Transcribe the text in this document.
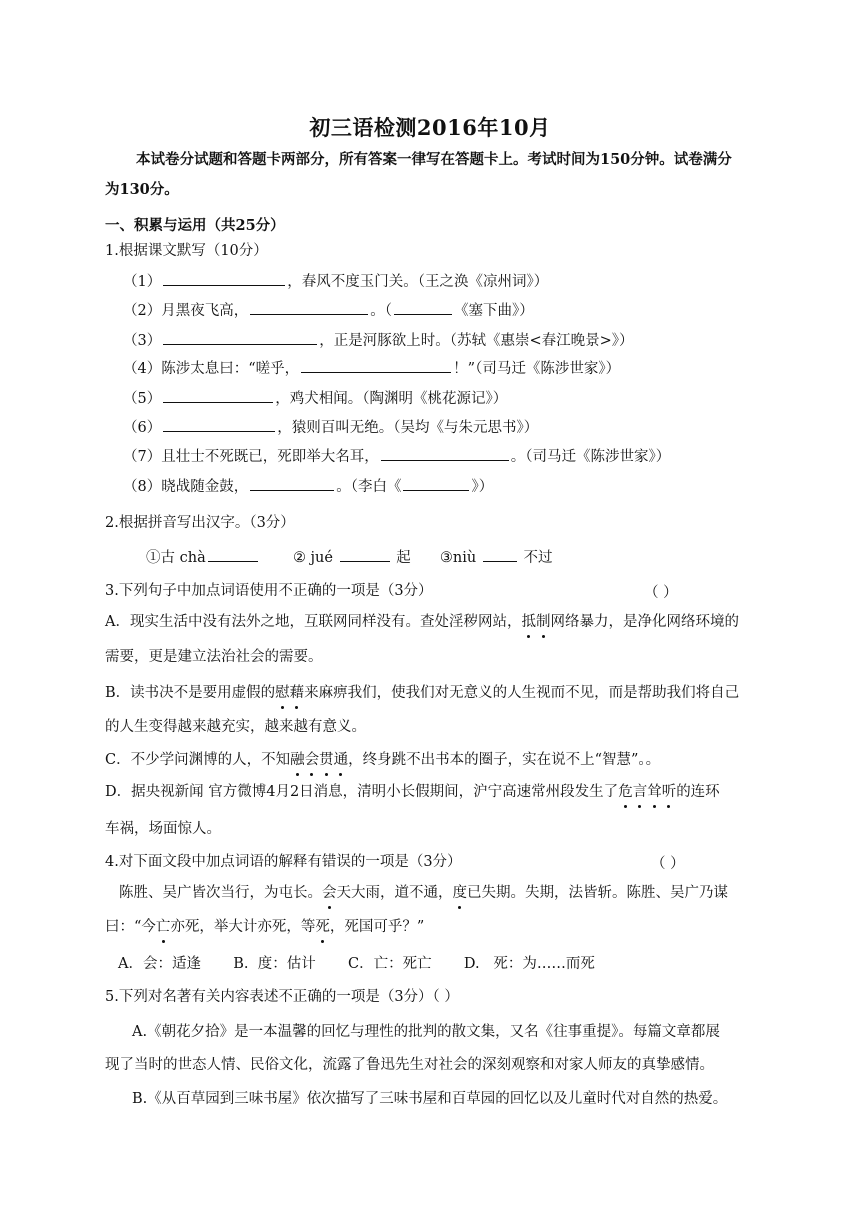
初三语检测2016年10月
本试卷分试题和答题卡两部分，所有答案一律写在答题卡上。考试时间为150分钟。试卷满分
为130分。
一、积累与运用（共25分）
1.根据课文默写（10分）
（1）	，春风不度玉门关。（王之涣《凉州词》）
（2）月黑夜飞高，	。（	《塞下曲》）
（3）	，正是河豚欲上时。（苏轼《惠崇<春江晚景>》）
（4）陈涉太息曰：“嗟乎，	！”（司马迁《陈涉世家》）
（5）	，鸡犬相闻。（陶渊明《桃花源记》）
（6）	，猿则百叫无绝。（吴均《与朱元思书》）
（7）且壮士不死既已，死即举大名耳，	。（司马迁《陈涉世家》）
（8）晓战随金鼓，	。（李白《	》）
2.根据拼音写出汉字。（3分）
①古 chà	② jué	起 ③niù	不过
3.下列句子中加点词语使用不正确的一项是（3分）	（ ）
A．现实生活中没有法外之地，互联网同样没有。查处淫秽网站，抵制网络暴力，是净化网络环境的
需要，更是建立法治社会的需要。
B．读书决不是要用虚假的慰藉来麻痹我们，使我们对无意义的人生视而不见，而是帮助我们将自己
的人生变得越来越充实，越来越有意义。
C．不少学问渊博的人，不知融会贯通，终身跳不出书本的圈子，实在说不上“智慧”。。
D．据央视新闻 官方微博4月2日消息，清明小长假期间，沪宁高速常州段发生了危言耸听的连环
车祸，场面惊人。
4.对下面文段中加点词语的解释有错误的一项是（3分）	（ ）
陈胜、吴广皆次当行，为屯长。会天大雨，道不通，度已失期。失期，法皆斩。陈胜、吴广乃谋
曰：“今亡亦死，举大计亦死，等死，死国可乎？”
A．会：适逢       B.  度：估计       C．亡：死亡       D.   死：为……而死
5.下列对名著有关内容表述不正确的一项是（3分）（ ）
A.《朝花夕拾》是一本温馨的回忆与理性的批判的散文集，又名《往事重提》。每篇文章都展
现了当时的世态人情、民俗文化，流露了鲁迅先生对社会的深刻观察和对家人师友的真挚感情。
B.《从百草园到三味书屋》依次描写了三味书屋和百草园的回忆以及儿童时代对自然的热爱。
